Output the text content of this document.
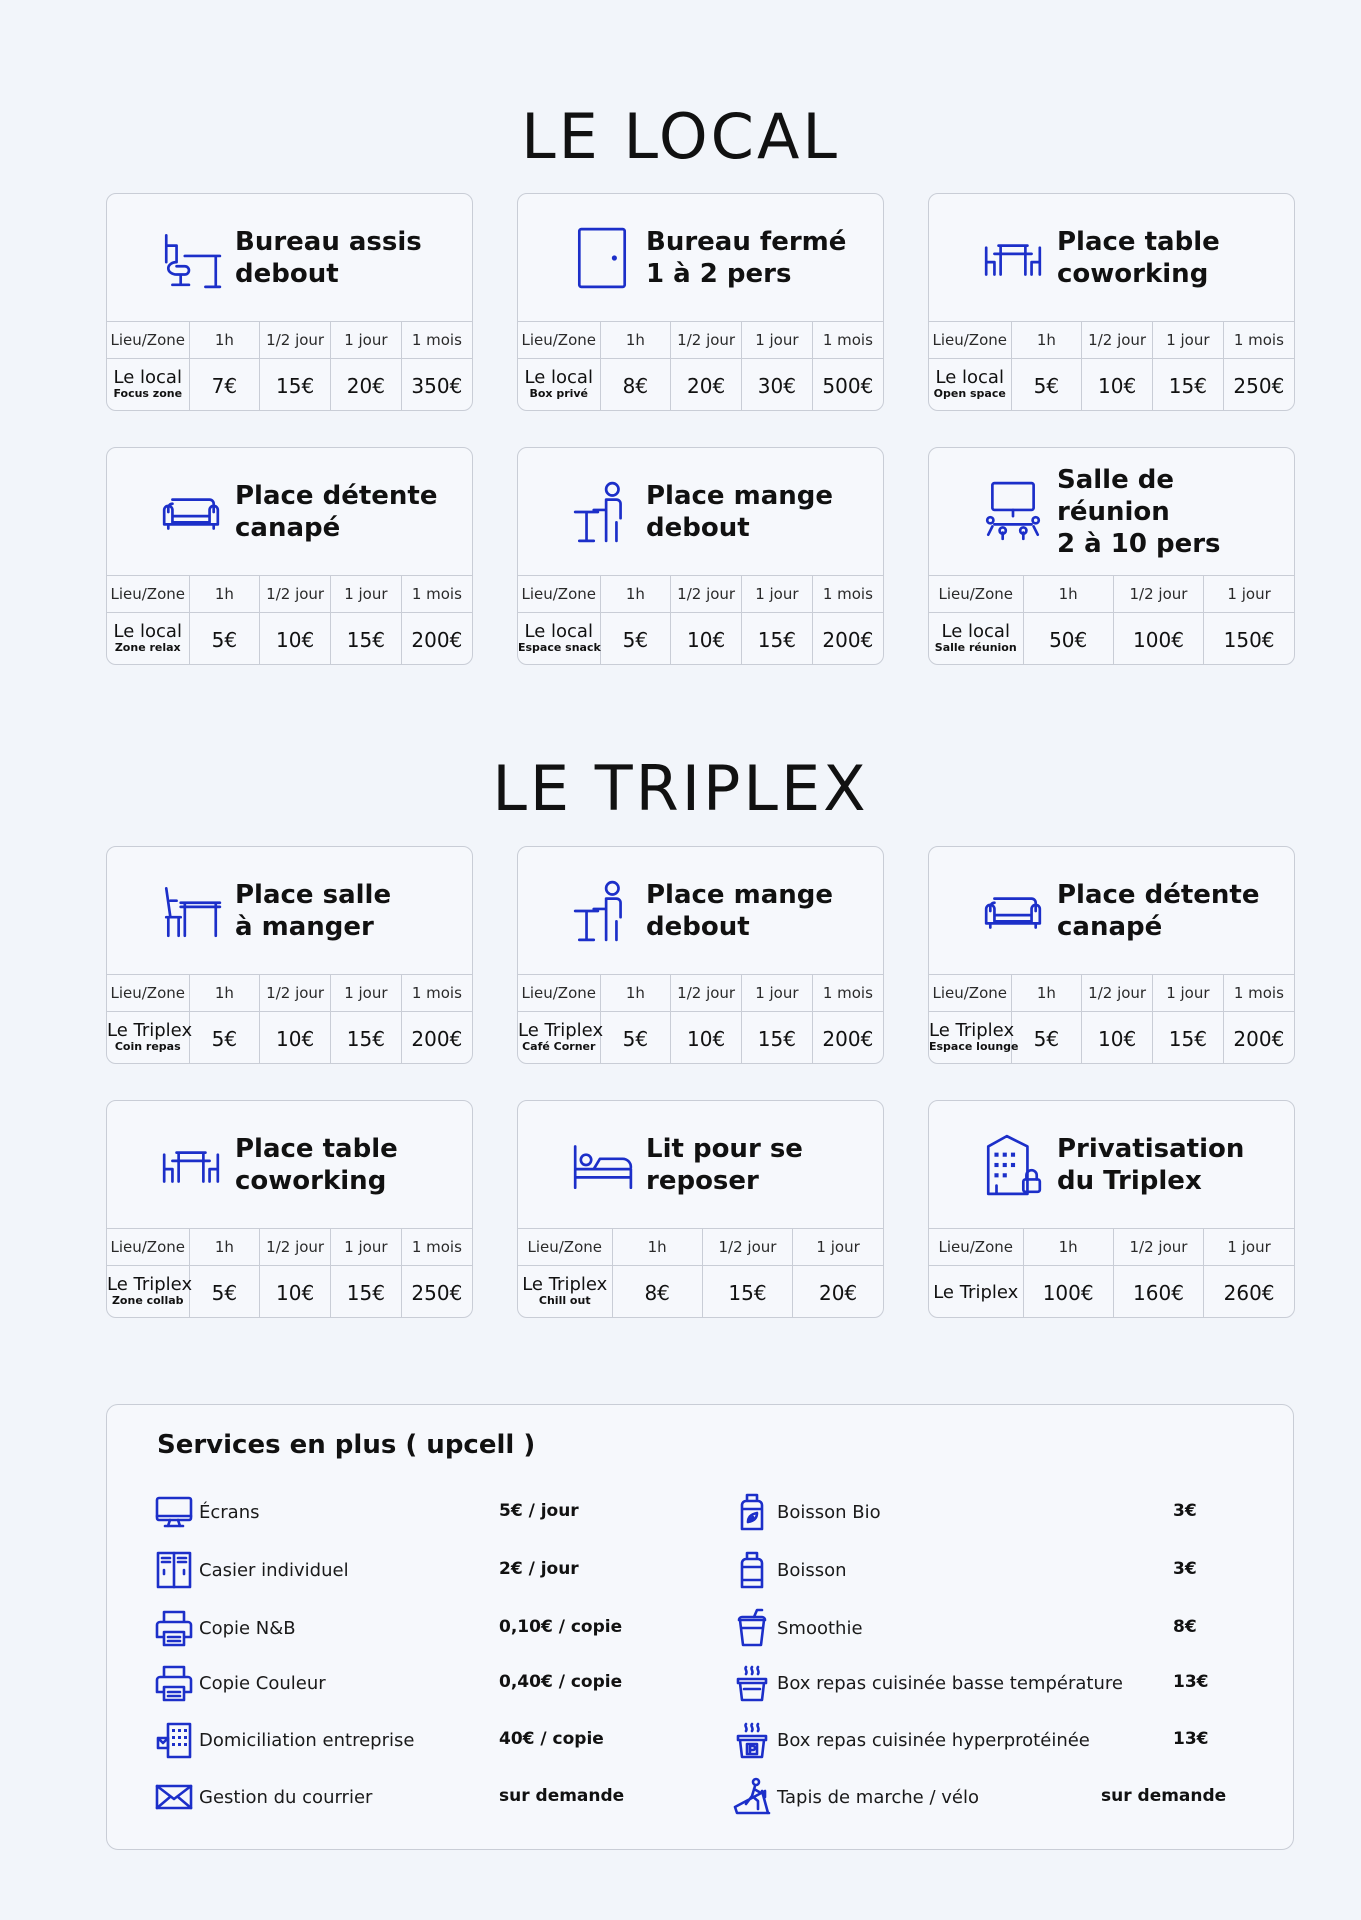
LE LOCAL
LE TRIPLEX
Bureau assis
debout
Lieu/Zone	1h	1/2 jour	1 jour	1 mois

Le local
Focus zone	7€	15€	20€	350€
Bureau fermé
1 à 2 pers
Lieu/Zone	1h	1/2 jour	1 jour	1 mois

Le local
Box privé	8€	20€	30€	500€
Place table
coworking
Lieu/Zone	1h	1/2 jour	1 jour	1 mois

Le local
Open space	5€	10€	15€	250€
Place détente
canapé
Lieu/Zone	1h	1/2 jour	1 jour	1 mois

Le local
Zone relax	5€	10€	15€	200€
Place mange
debout
Lieu/Zone	1h	1/2 jour	1 jour	1 mois

Le local
Espace snack	5€	10€	15€	200€
Salle de réunion
2 à 10 pers
Lieu/Zone	1h	1/2 jour	1 jour

Le local
Salle réunion	50€	100€	150€
Place salle
à manger
Lieu/Zone	1h	1/2 jour	1 jour	1 mois

Le Triplex
Coin repas	5€	10€	15€	200€
Place mange
debout
Lieu/Zone	1h	1/2 jour	1 jour	1 mois

Le Triplex
Café Corner	5€	10€	15€	200€
Place détente
canapé
Lieu/Zone	1h	1/2 jour	1 jour	1 mois

Le Triplex
Espace lounge	5€	10€	15€	200€
Place table
coworking
Lieu/Zone	1h	1/2 jour	1 jour	1 mois

Le Triplex
Zone collab	5€	10€	15€	250€
Lit pour se
reposer
Lieu/Zone	1h	1/2 jour	1 jour

Le Triplex
Chill out	8€	15€	20€
Privatisation
du Triplex
Lieu/Zone	1h	1/2 jour	1 jour

Le Triplex	100€	160€	260€
Services en plus ( upcell )
Écrans	5€ / jour
Casier individuel	2€ / jour
Copie N&B	0,10€ / copie
Copie Couleur	0,40€ / copie
Domiciliation entreprise	40€ / copie
Gestion du courrier	sur demande
Boisson Bio	3€
Boisson	3€
Smoothie	8€
Box repas cuisinée basse température	13€
Box repas cuisinée hyperprotéinée	13€
Tapis de marche / vélo	sur demande
